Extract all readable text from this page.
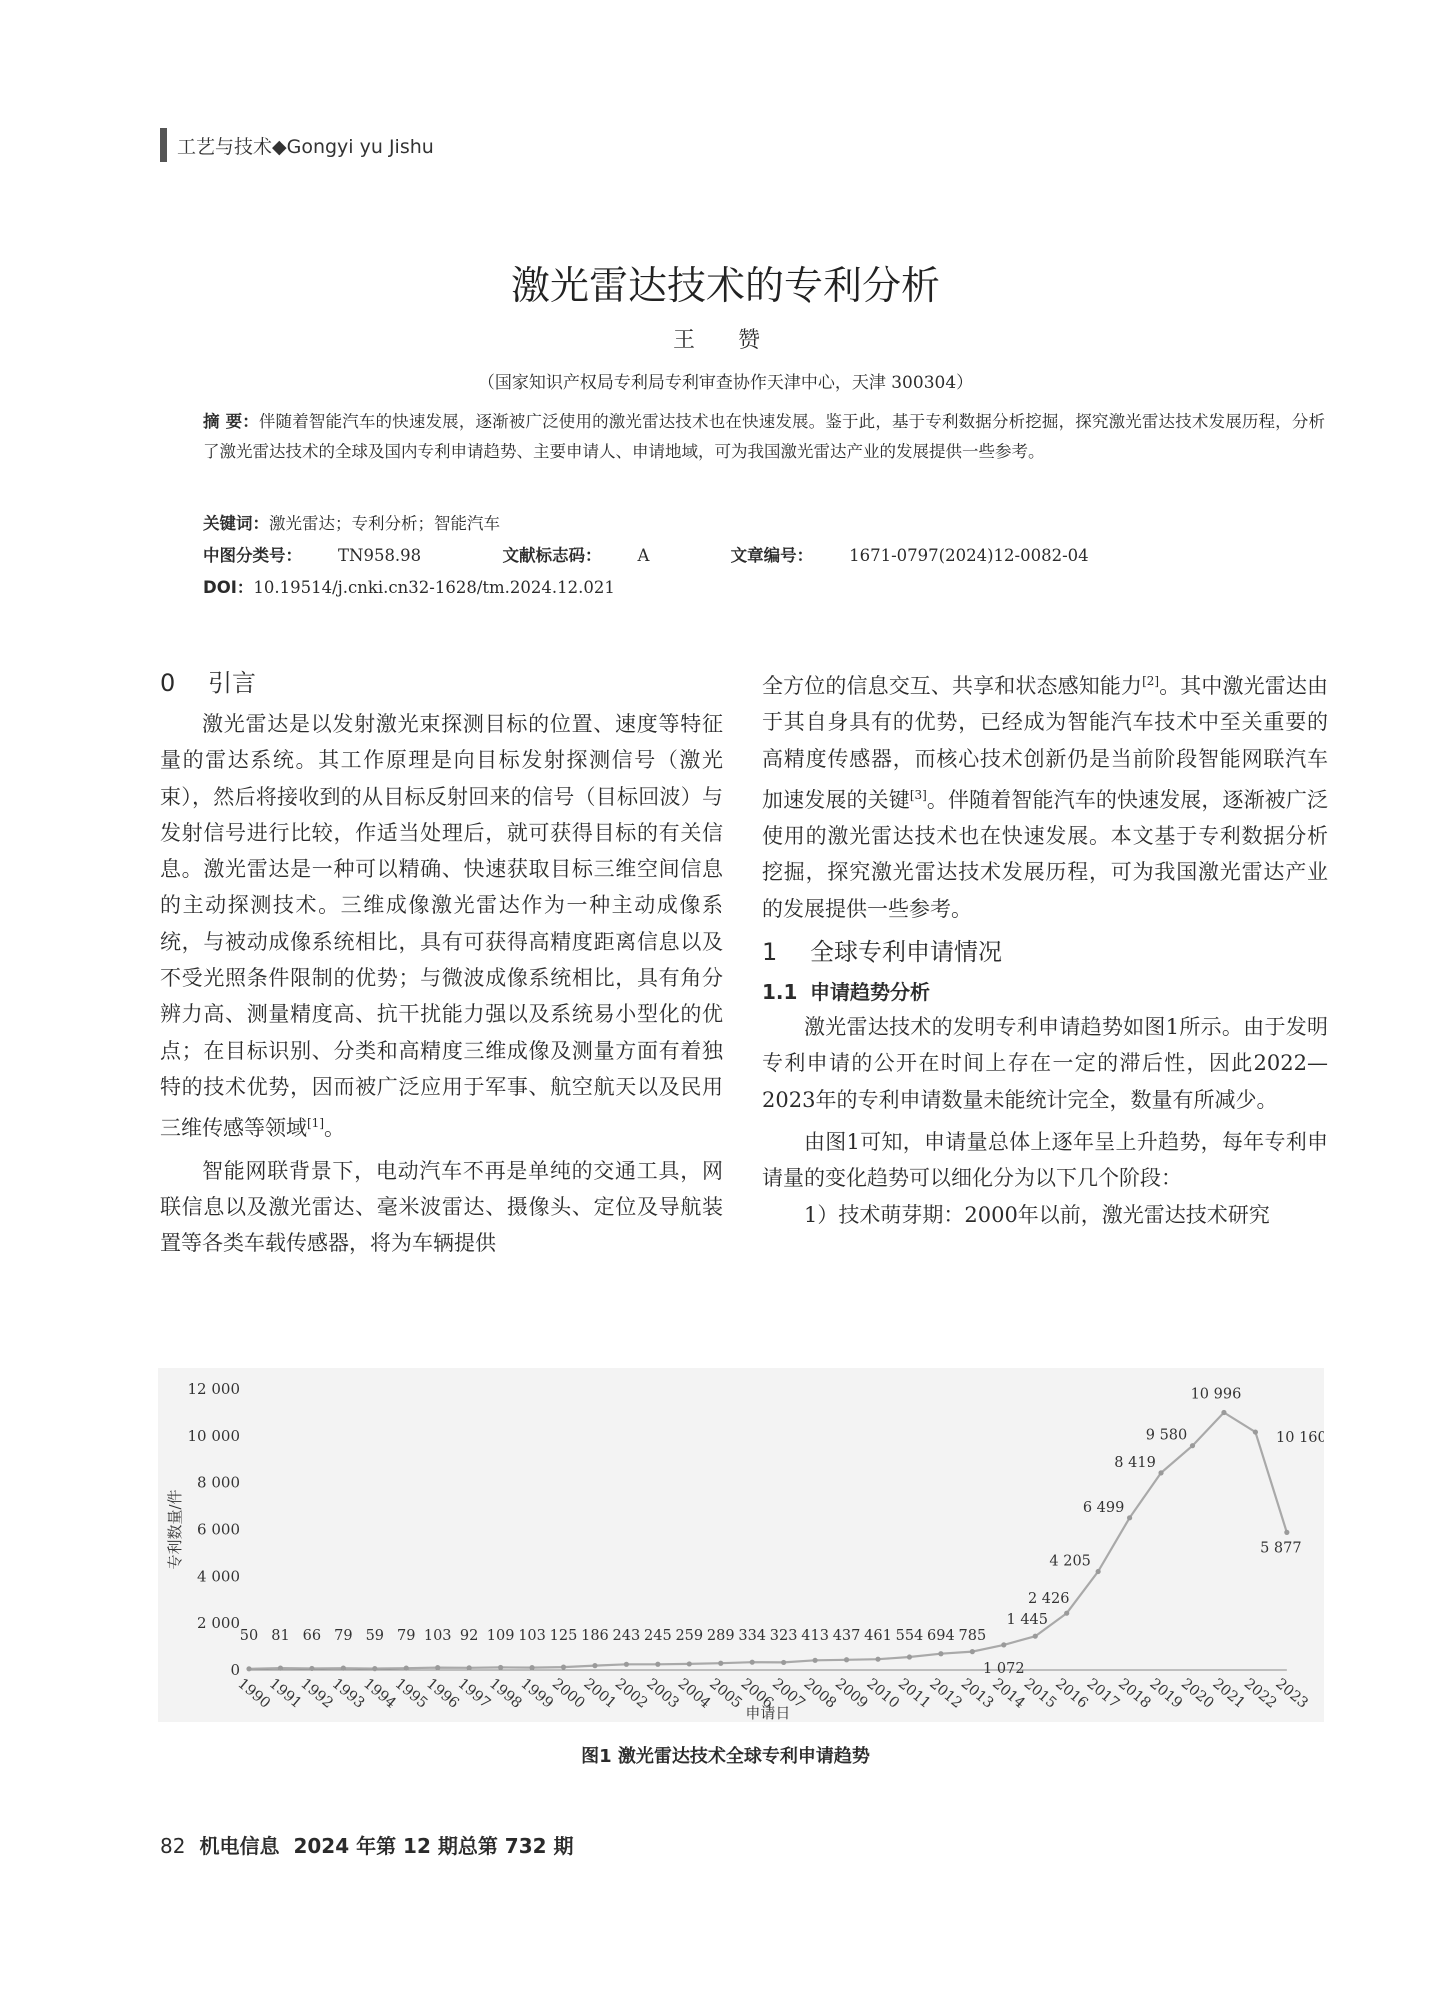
工艺与技术◆Gongyi yu Jishu
激光雷达技术的专利分析
王 赞
（国家知识产权局专利局专利审查协作天津中心，天津 300304）
摘 要：伴随着智能汽车的快速发展，逐渐被广泛使用的激光雷达技术也在快速发展。鉴于此，基于专利数据分析挖掘，探究激光雷达技术发展历程，分析了激光雷达技术的全球及国内专利申请趋势、主要申请人、申请地域，可为我国激光雷达产业的发展提供一些参考。
关键词：激光雷达；专利分析；智能汽车
中图分类号： TN958.98	文献标志码： A	文章编号： 1671-0797(2024)12-0082-04
DOI：10.19514/j.cnki.cn32-1628/tm.2024.12.021
0 引言

激光雷达是以发射激光束探测目标的位置、速度等特征量的雷达系统。其工作原理是向目标发射探测信号（激光束），然后将接收到的从目标反射回来的信号（目标回波）与发射信号进行比较，作适当处理后，就可获得目标的有关信息。激光雷达是一种可以精确、快速获取目标三维空间信息的主动探测技术。三维成像激光雷达作为一种主动成像系统，与被动成像系统相比，具有可获得高精度距离信息以及不受光照条件限制的优势；与微波成像系统相比，具有角分辨力高、测量精度高、抗干扰能力强以及系统易小型化的优点；在目标识别、分类和高精度三维成像及测量方面有着独特的技术优势，因而被广泛应用于军事、航空航天以及民用三维传感等领域[1]。

智能网联背景下，电动汽车不再是单纯的交通工具，网联信息以及激光雷达、毫米波雷达、摄像头、定位及导航装置等各类车载传感器，将为车辆提供

全方位的信息交互、共享和状态感知能力[2]。其中激光雷达由于其自身具有的优势，已经成为智能汽车技术中至关重要的高精度传感器，而核心技术创新仍是当前阶段智能网联汽车加速发展的关键[3]。伴随着智能汽车的快速发展，逐渐被广泛使用的激光雷达技术也在快速发展。本文基于专利数据分析挖掘，探究激光雷达技术发展历程，可为我国激光雷达产业的发展提供一些参考。

1 全球专利申请情况
1.1 申请趋势分析

激光雷达技术的发明专利申请趋势如图1所示。由于发明专利申请的公开在时间上存在一定的滞后性，因此2022—2023年的专利申请数量未能统计完全，数量有所减少。

由图1可知，申请量总体上逐年呈上升趋势，每年专利申请量的变化趋势可以细化分为以下几个阶段：

1）技术萌芽期：2000年以前，激光雷达技术研究

0
2 000
4 000
6 000
8 000
10 000
12 000
专利数量/件
50 81 66 79 59 79 103 92 109 103 125 186 243 245 259 289 334 323 413 437 461 554 694 785
1 072
1 445
2 426
4 205
6 499
8 419
9 580
10 996
10 160
5 877
1990
1991
1992
1993
1994
1995
1996
1997
1998
1999
2000
2001
2002
2003
2004
2005
2006
2007
2008
2009
2010
2011
2012
2013
2014
2015
2016
2017
2018
2019
2020
2021
2022
2023
申请日
图1 激光雷达技术全球专利申请趋势
82 机电信息 2024 年第 12 期总第 732 期
